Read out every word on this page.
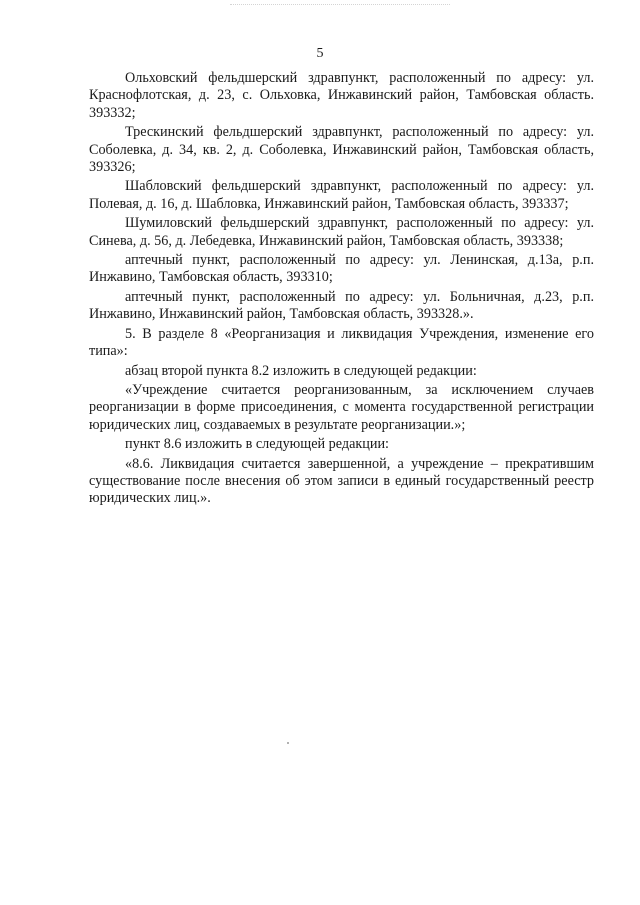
5

Ольховский фельдшерский здравпункт, расположенный по адресу: ул. Краснофлотская, д. 23, с. Ольховка, Инжавинский район, Тамбовская область. 393332;

Трескинский фельдшерский здравпункт, расположенный по адресу: ул. Соболевка, д. 34, кв. 2, д. Соболевка, Инжавинский район, Тамбовская область, 393326;

Шабловский фельдшерский здравпункт, расположенный по адресу: ул. Полевая, д. 16, д. Шабловка, Инжавинский район, Тамбовская область, 393337;

Шумиловский фельдшерский здравпункт, расположенный по адресу: ул. Синева, д. 56, д. Лебедевка, Инжавинский район, Тамбовская область, 393338;

аптечный пункт, расположенный по адресу: ул. Ленинская, д.13а, р.п. Инжавино, Тамбовская область, 393310;

аптечный пункт, расположенный по адресу: ул. Больничная, д.23, р.п. Инжавино, Инжавинский район, Тамбовская область, 393328.».

5. В разделе 8 «Реорганизация и ликвидация Учреждения, изменение его типа»:

абзац второй пункта 8.2 изложить в следующей редакции:

«Учреждение считается реорганизованным, за исключением случаев реорганизации в форме присоединения, с момента государственной регистрации юридических лиц, создаваемых в результате реорганизации.»;

пункт 8.6 изложить в следующей редакции:

«8.6. Ликвидация считается завершенной, а учреждение – прекратившим существование после внесения об этом записи в единый государственный реестр юридических лиц.».
